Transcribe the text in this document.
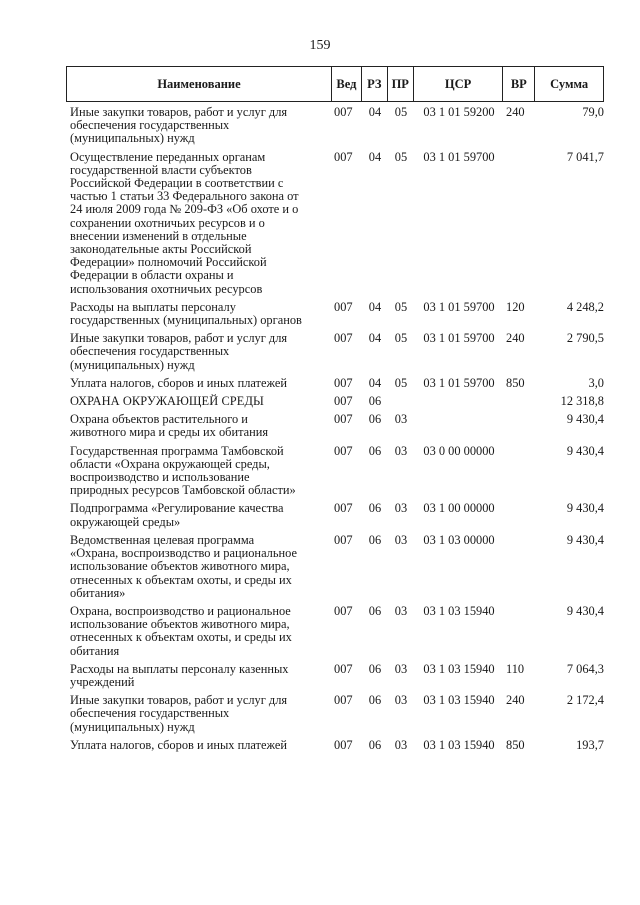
159
Наименование	Вед РЗ ПР	ЦСР	ВР	Сумма
Иные закупки товаров, работ и услуг для
обеспечения государственных
(муниципальных) нужд
007	04	05	03 1 01 59200 240	79,0
Осуществление переданных органам
государственной власти субъектов
Российской Федерации в соответствии с
частью 1 статьи 33 Федерального закона от
24 июля 2009 года № 209-ФЗ «Об охоте и о
сохранении охотничьих ресурсов и о
внесении изменений в отдельные
законодательные акты Российской
Федерации» полномочий Российской
Федерации в области охраны и
использования охотничьих ресурсов
007	04	05	03 1 01 59700	7 041,7
Расходы на выплаты персоналу
государственных (муниципальных) органов
007	04	05	03 1 01 59700 120	4 248,2
Иные закупки товаров, работ и услуг для
обеспечения государственных
(муниципальных) нужд
007	04	05	03 1 01 59700 240	2 790,5
Уплата налогов, сборов и иных платежей	007	04	05	03 1 01 59700 850	3,0
ОХРАНА ОКРУЖАЮЩЕЙ СРЕДЫ	007	06	12 318,8
Охрана объектов растительного и
животного мира и среды их обитания
007	06	03	9 430,4
Государственная программа Тамбовской
области «Охрана окружающей среды,
воспроизводство и использование
природных ресурсов Тамбовской области»
007	06	03	03 0 00 00000	9 430,4
Подпрограмма «Регулирование качества
окружающей среды»
007	06	03	03 1 00 00000	9 430,4
Ведомственная целевая программа
«Охрана, воспроизводство и рациональное
использование объектов животного мира,
отнесенных к объектам охоты, и среды их
обитания»
007	06	03	03 1 03 00000	9 430,4
Охрана, воспроизводство и рациональное
использование объектов животного мира,
отнесенных к объектам охоты, и среды их
обитания
007	06	03	03 1 03 15940	9 430,4
Расходы на выплаты персоналу казенных
учреждений
007	06	03	03 1 03 15940 110	7 064,3
Иные закупки товаров, работ и услуг для
обеспечения государственных
(муниципальных) нужд
007	06	03	03 1 03 15940 240	2 172,4
Уплата налогов, сборов и иных платежей	007	06	03	03 1 03 15940 850	193,7
